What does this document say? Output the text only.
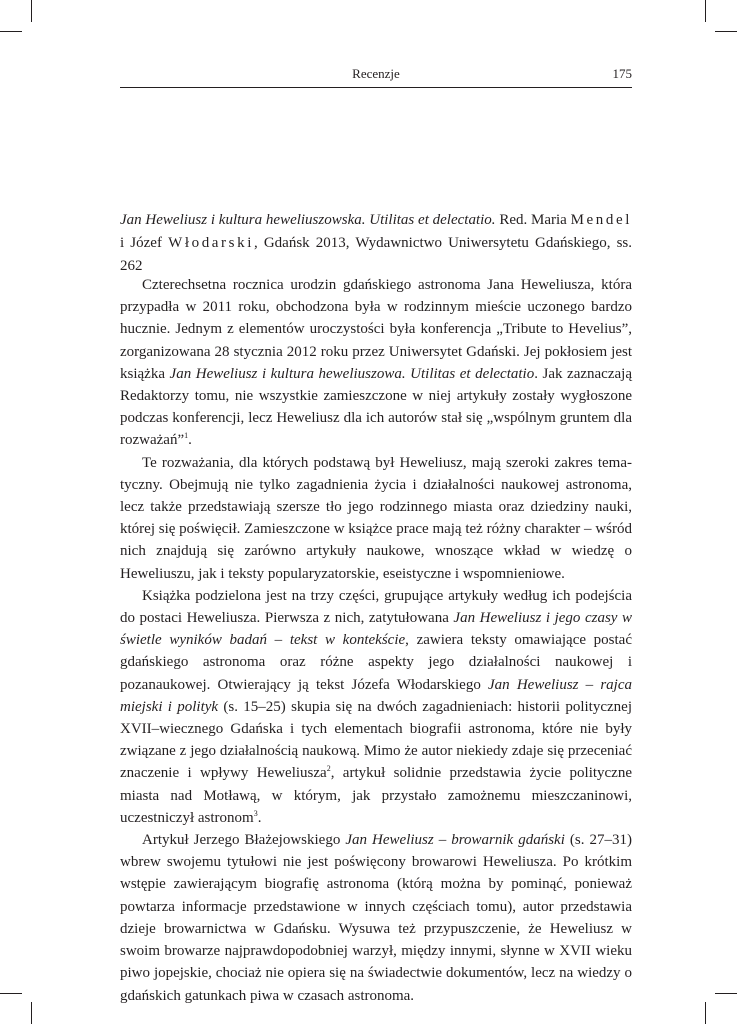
Recenzje	175
Jan Heweliusz i kultura heweliuszowska. Utilitas et delectatio. Red. Maria Mendel i Józef Włodarski, Gdańsk 2013, Wydawnictwo Uniwersytetu Gdańskiego, ss. 262

Czterechsetna rocznica urodzin gdańskiego astronoma Jana Heweliusza, która przypadła w 2011 roku, obchodzona była w rodzinnym mieście uczonego bardzo hucznie. Jednym z elementów uroczystości była konferencja „Tribute to Hevelius”, zorganizowana 28 stycznia 2012 roku przez Uniwersytet Gdański. Jej pokłosiem jest książka Jan Heweliusz i kultura heweliuszowa. Utilitas et delectatio. Jak zaznaczają Redaktorzy tomu, nie wszystkie zamieszczone w niej artykuły zostały wygłoszone podczas konferencji, lecz Heweliusz dla ich autorów stał się „wspólnym gruntem dla rozważań”$^1$.

Te rozważania, dla których podstawą był Heweliusz, mają szeroki zakres tematyczny. Obejmują nie tylko zagadnienia życia i działalności naukowej astronoma, lecz także przedstawiają szersze tło jego rodzinnego miasta oraz dziedziny nauki, której się poświęcił. Zamieszczone w książce prace mają też różny charakter – wśród nich znajdują się zarówno artykuły naukowe, wnoszące wkład w wiedzę o Heweliuszu, jak i teksty popularyzatorskie, eseistyczne i wspomnieniowe.

Książka podzielona jest na trzy części, grupujące artykuły według ich podejścia do postaci Heweliusza. Pierwsza z nich, zatytułowana Jan Heweliusz i jego czasy w świetle wyników badań – tekst w kontekście, zawiera teksty omawiające postać gdańskiego astronoma oraz różne aspekty jego działalności naukowej i pozanaukowej. Otwierający ją tekst Józefa Włodarskiego Jan Heweliusz – rajca miejski i polityk (s. 15–25) skupia się na dwóch zagadnieniach: historii politycznej XVII–wiecznego Gdańska i tych elementach biografii astronoma, które nie były związane z jego działalnością naukową. Mimo że autor niekiedy zdaje się przeceniać znaczenie i wpływy Heweliusza$^2$, artykuł solidnie przedstawia życie polityczne miasta nad Motławą, w którym, jak przystało zamożnemu mieszczaninowi, uczestniczył astronom$^3$.

Artykuł Jerzego Błażejowskiego Jan Heweliusz – browarnik gdański (s. 27–31) wbrew swojemu tytułowi nie jest poświęcony browarowi Heweliusza. Po krótkim wstępie zawierającym biografię astronoma (którą można by pominąć, ponieważ powtarza informacje przedstawione w innych częściach tomu), autor przedstawia dzieje browarnictwa w Gdańsku. Wysuwa też przypuszczenie, że Heweliusz w swoim browarze najprawdopodobniej warzył, między innymi, słynne w XVII wieku piwo jopejskie, chociaż nie opiera się na świadectwie dokumentów, lecz na wiedzy o gdańskich gatunkach piwa w czasach astronoma.
